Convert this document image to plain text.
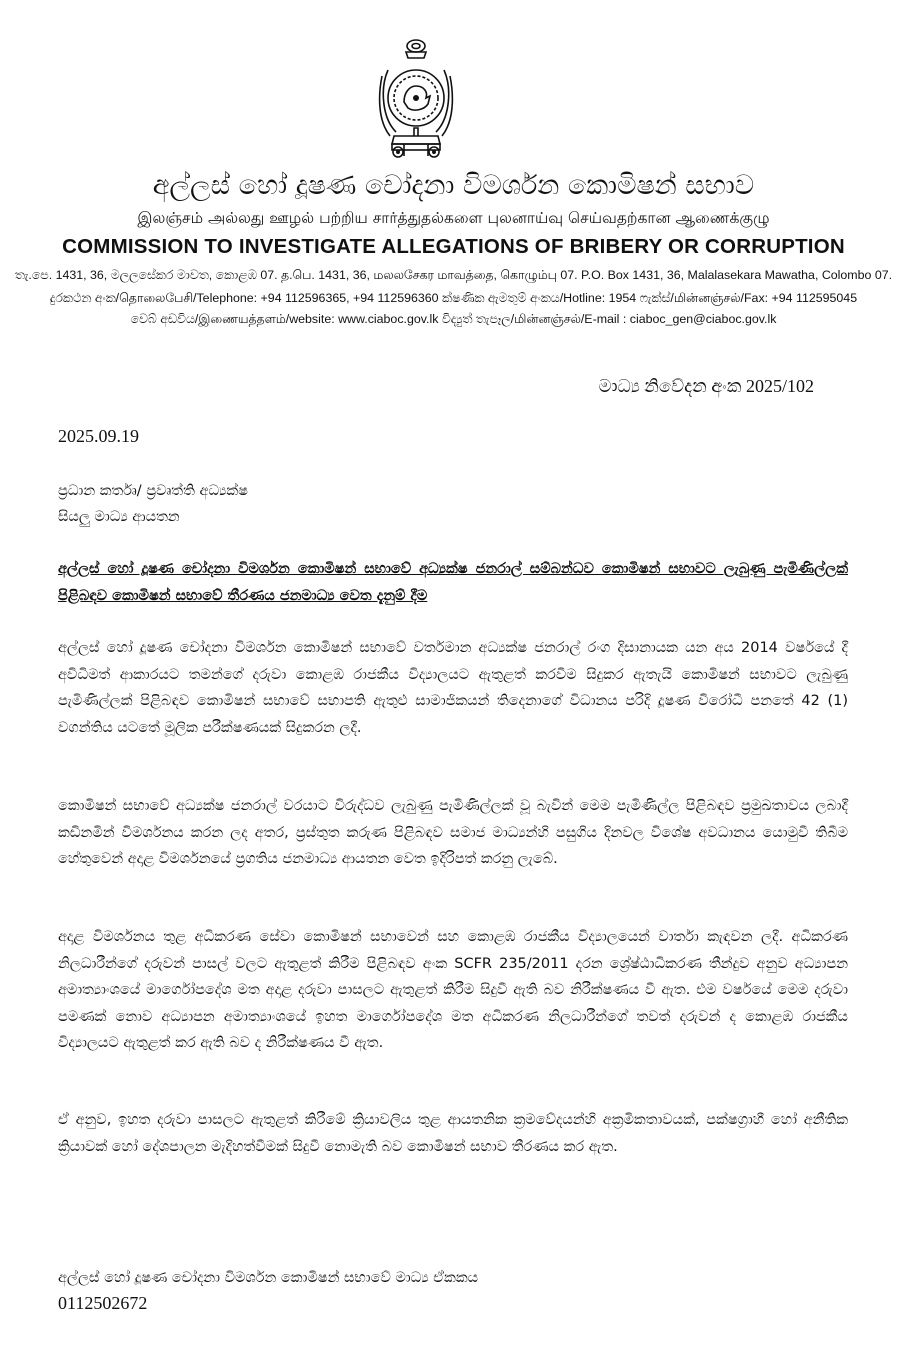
අල්ලස් හෝ දූෂණ චෝදනා විමර්ශන කොමිෂන් සභාව
இலஞ்சம் அல்லது ஊழல் பற்றிய சார்த்துதல்களை புலனாய்வு செய்வதற்கான ஆணைக்குழு
COMMISSION TO INVESTIGATE ALLEGATIONS OF BRIBERY OR CORRUPTION
තැ.පෙ. 1431, 36, මලලසේකර මාවත, කොළඹ 07. த.பெ. 1431, 36, மலலசேகர மாவத்தை, கொழும்பு 07. P.O. Box 1431, 36, Malalasekara Mawatha, Colombo 07.
දුරකථන අංක/தொலைபேசி/Telephone: +94 112596365, +94 112596360 ක්ෂණික ඇමතුම් අංකය/Hotline: 1954 ෆැක්ස්/மின்னஞ்சல்/Fax: +94 112595045
වෙබ් අඩවිය/இணையத்தளம்/website: www.ciaboc.gov.lk විද්‍යුත් තැපෑල/மின்னஞ்சல்/E-mail : ciaboc_gen@ciaboc.gov.lk
මාධ්‍ය නිවේදන අංක 2025/102
2025.09.19
ප්‍රධාන කර්තෘ/ ප්‍රවෘත්ති අධ්‍යක්ෂ
සියලු මාධ්‍ය ආයතන
අල්ලස් හෝ දූෂණ චෝදනා විමර්ශන කොමිෂන් සභාවේ අධ්‍යක්ෂ ජනරාල් සම්බන්ධව කොමිෂන් සභාවට ලැබුණු පැමිණිල්ලක් පිළිබඳව කොමිෂන් සභාවේ තීරණය ජනමාධ්‍ය වෙත දැනුම් දීම
අල්ලස් හෝ දූෂණ චෝදනා විමර්ශන කොමිෂන් සභාවේ වර්තමාන අධ්‍යක්ෂ ජනරාල් රංග දිසානායක යන අය 2014 වර්ෂයේ දී අවිධිමත් ආකාරයට තමන්ගේ දරුවා කොළඹ රාජකීය විද්‍යාලයට ඇතුළත් කරවීම සිදුකර ඇතැයි කොමිෂන් සභාවට ලැබුණු පැමිණිල්ලක් පිළිබඳව කොමිෂන් සභාවේ සභාපති ඇතුළු සාමාජිකයන් තිදෙනාගේ විධානය පරිදි දූෂණ විරෝධී පනතේ 42 (1) වගන්තිය යටතේ මූලික පරීක්ෂණයක් සිදුකරන ලදී.
කොමිෂන් සභාවේ අධ්‍යක්ෂ ජනරාල් වරයාට විරුද්ධව ලැබුණු පැමිණිල්ලක් වූ බැවින් මෙම පැමිණිල්ල පිළිබඳව ප්‍රමුඛතාවය ලබාදී කඩිනමින් විමර්ශනය කරන ලද අතර, ප්‍රස්තුත කරුණ පිළිබඳව සමාජ මාධ්‍යන්හි පසුගිය දිනවල විශේෂ අවධානය යොමුවී තිබීම හේතුවෙන් අදාළ විමර්ශනයේ ප්‍රගතිය ජනමාධ්‍ය ආයතන වෙත ඉදිරිපත් කරනු ලැබේ.
අදාළ විමර්ශනය තුළ අධිකරණ සේවා කොමිෂන් සභාවෙන් සහ කොළඹ රාජකීය විද්‍යාලයෙන් වාර්තා කැඳවන ලදී. අධිකරණ නිලධාරීන්ගේ දරුවන් පාසල් වලට ඇතුළත් කිරීම පිළිබඳව අංක SCFR 235/2011 දරන ශ්‍රේෂ්ඨාධිකරණ තීන්දුව අනුව අධ්‍යාපන අමාත්‍යාංශයේ මාර්ගෝපදේශ මත අදාළ දරුවා පාසලට ඇතුළත් කිරීම සිදුවී ඇති බව නිරීක්ෂණය වී ඇත. එම වර්ෂයේ මෙම දරුවා පමණක් නොව අධ්‍යාපන අමාත්‍යාංශයේ ඉහත මාර්ගෝපදේශ මත අධිකරණ නිලධාරීන්ගේ තවත් දරුවන් ද කොළඹ රාජකීය විද්‍යාලයට ඇතුළත් කර ඇති බව ද නිරීක්ෂණය වී ඇත.
ඒ අනුව, ඉහත දරුවා පාසලට ඇතුළත් කිරීමේ ක්‍රියාවලිය තුළ ආයතනික ක්‍රමවේදයන්හි අක්‍රමිකතාවයක්, පක්ෂග්‍රාහී හෝ අනීතික ක්‍රියාවක් හෝ දේශපාලන මැදිහත්වීමක් සිදුවී නොමැති බව කොමිෂන් සභාව තීරණය කර ඇත.
අල්ලස් හෝ දූෂණ චෝදනා විමර්ශන කොමිෂන් සභාවේ මාධ්‍ය ඒකකය
0112502672
